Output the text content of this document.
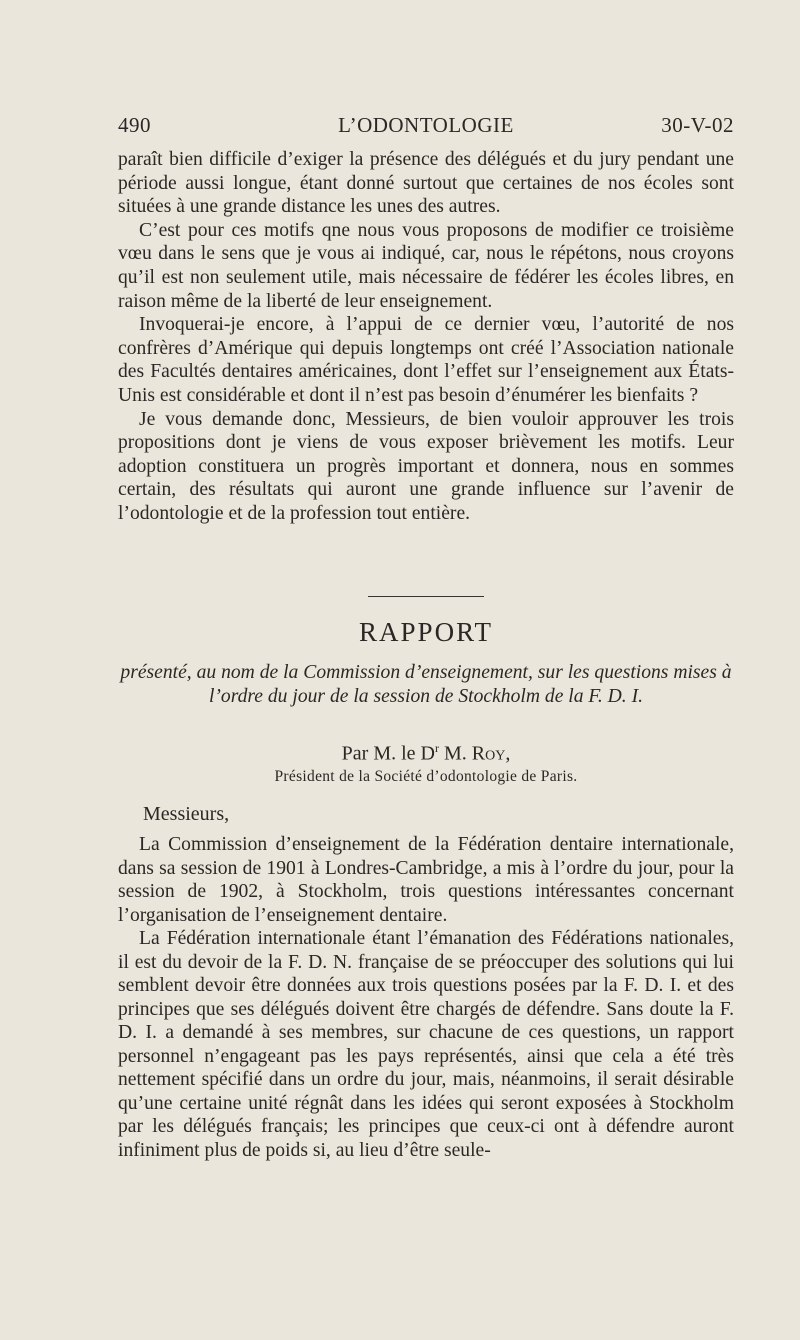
490	L’ODONTOLOGIE	30-V-02

paraît bien difficile d’exiger la présence des délégués et du jury pendant une période aussi longue, étant donné surtout que certaines de nos écoles sont situées à une grande distance les unes des autres.

C’est pour ces motifs qne nous vous proposons de modifier ce troisième vœu dans le sens que je vous ai indiqué, car, nous le répétons, nous croyons qu’il est non seulement utile, mais nécessaire de fédérer les écoles libres, en raison même de la liberté de leur enseignement.

Invoquerai-je encore, à l’appui de ce dernier vœu, l’autorité de nos confrères d’Amérique qui depuis longtemps ont créé l’Association nationale des Facultés dentaires américaines, dont l’effet sur l’enseignement aux États-Unis est considérable et dont il n’est pas besoin d’énumérer les bienfaits ?

Je vous demande donc, Messieurs, de bien vouloir approuver les trois propositions dont je viens de vous exposer brièvement les motifs. Leur adoption constituera un progrès important et donnera, nous en sommes certain, des résultats qui auront une grande influence sur l’avenir de l’odontologie et de la profession tout entière.

RAPPORT
présenté, au nom de la Commission d’enseignement, sur les questions mises à l’ordre du jour de la session de Stockholm de la F. D. I.
Par M. le $D^r$ M. Roy,
Président de la Société d’odontologie de Paris.
Messieurs,

La Commission d’enseignement de la Fédération dentaire internationale, dans sa session de 1901 à Londres-Cambridge, a mis à l’ordre du jour, pour la session de 1902, à Stockholm, trois questions intéressantes concernant l’organisation de l’enseignement dentaire.

La Fédération internationale étant l’émanation des Fédérations nationales, il est du devoir de la F. D. N. française de se préoccuper des solutions qui lui semblent devoir être données aux trois questions posées par la F. D. I. et des principes que ses délégués doivent être chargés de défendre. Sans doute la F. D. I. a demandé à ses membres, sur chacune de ces questions, un rapport personnel n’engageant pas les pays représentés, ainsi que cela a été très nettement spécifié dans un ordre du jour, mais, néanmoins, il serait désirable qu’une certaine unité régnât dans les idées qui seront exposées à Stockholm par les délégués français; les principes que ceux-ci ont à défendre auront infiniment plus de poids si, au lieu d’être seule-
